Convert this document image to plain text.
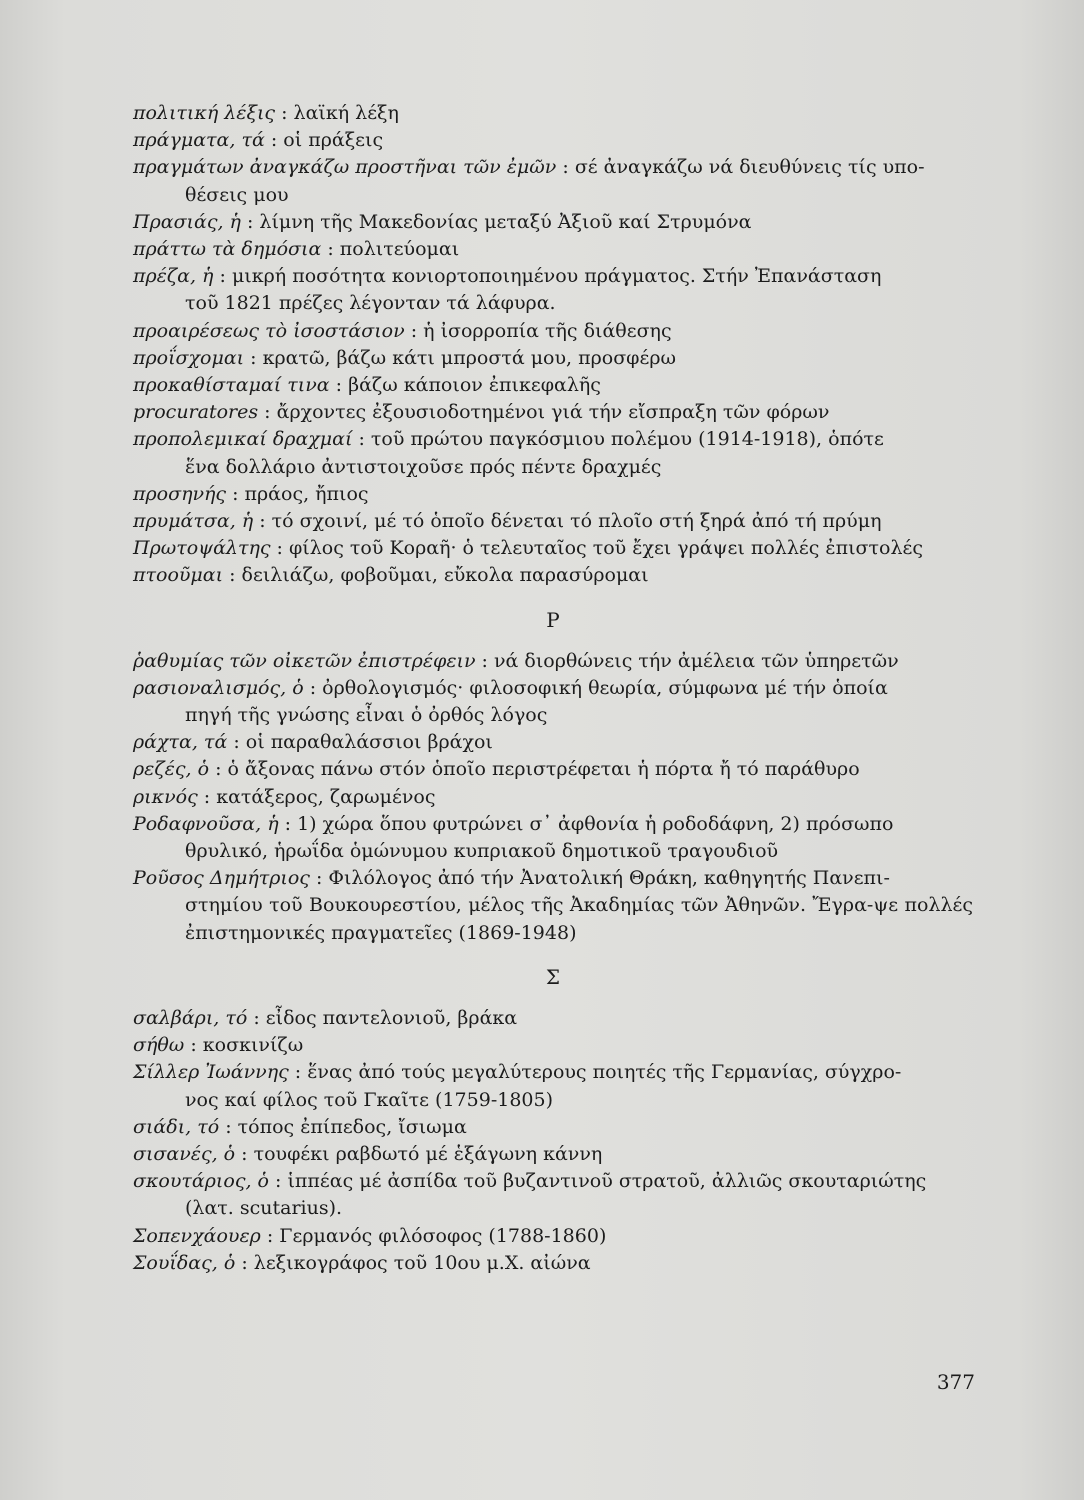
πολιτική λέξις : λαϊκή λέξη

πράγματα, τά : οἱ πράξεις

πραγμάτων ἀναγκάζω προστῆναι τῶν ἐμῶν : σέ ἀναγκάζω νά διευθύνεις τίς υπο-
θέσεις μου

Πρασιάς, ἡ : λίμνη τῆς Μακεδονίας μεταξύ Ἀξιοῦ καί Στρυμόνα

πράττω τὰ δημόσια : πολιτεύομαι

πρέζα, ἡ : μικρή ποσότητα κονιορτοποιημένου πράγματος. Στήν Ἐπανάσταση
τοῦ 1821 πρέζες λέγονταν τά λάφυρα.

προαιρέσεως τὸ ἰσοστάσιον : ἡ ἰσορροπία τῆς διάθεσης

προΐσχομαι : κρατῶ, βάζω κάτι μπροστά μου, προσφέρω

προκαθίσταμαί τινα : βάζω κάποιον ἐπικεφαλῆς

procuratores : ἄρχοντες ἐξουσιοδοτημένοι γιά τήν εἴσπραξη τῶν φόρων

προπολεμικαί δραχμαί : τοῦ πρώτου παγκόσμιου πολέμου (1914-1918), ὁπότε
ἕνα δολλάριο ἀντιστοιχοῦσε πρός πέντε δραχμές

προσηνής : πράος, ἤπιος

πρυμάτσα, ἡ : τό σχοινί, μέ τό ὁποῖο δένεται τό πλοῖο στή ξηρά ἀπό τή πρύμη

Πρωτοψάλτης : φίλος τοῦ Κοραῆ· ὁ τελευταῖος τοῦ ἔχει γράψει πολλές ἐπιστολές

πτοοῦμαι : δειλιάζω, φοβοῦμαι, εὔκολα παρασύρομαι

Ρ

ῥαθυμίας τῶν οἰκετῶν ἐπιστρέφειν : νά διορθώνεις τήν ἀμέλεια τῶν ὑπηρετῶν

ρασιοναλισμός, ὁ : ὀρθολογισμός· φιλοσοφική θεωρία, σύμφωνα μέ τήν ὁποία
πηγή τῆς γνώσης εἶναι ὁ ὀρθός λόγος

ράχτα, τά : οἱ παραθαλάσσιοι βράχοι

ρεζές, ὁ : ὁ ἄξονας πάνω στόν ὁποῖο περιστρέφεται ἡ πόρτα ἤ τό παράθυρο

ρικνός : κατάξερος, ζαρωμένος

Ροδαφνοῦσα, ἡ : 1) χώρα ὅπου φυτρώνει σ᾽ ἀφθονία ἡ ροδοδάφνη, 2) πρόσωπο
θρυλικό, ἡρωΐδα ὁμώνυμου κυπριακοῦ δημοτικοῦ τραγουδιοῦ

Ροῦσος Δημήτριος : Φιλόλογος ἀπό τήν Ἀνατολική Θράκη, καθηγητής Πανεπι-
στημίου τοῦ Βουκουρεστίου, μέλος τῆς Ἀκαδημίας τῶν Ἀθηνῶν. Ἔγρα-ψε πολλές ἐπιστημονικές πραγματεῖες (1869-1948)

Σ

σαλβάρι, τό : εἶδος παντελονιοῦ, βράκα

σήθω : κοσκινίζω

Σίλλερ Ἰωάννης : ἕνας ἀπό τούς μεγαλύτερους ποιητές τῆς Γερμανίας, σύγχρο-
νος καί φίλος τοῦ Γκαῖτε (1759-1805)

σιάδι, τό : τόπος ἐπίπεδος, ἴσιωμα

σισανές, ὁ : τουφέκι ραβδωτό μέ ἑξάγωνη κάννη

σκουτάριος, ὁ : ἱππέας μέ ἀσπίδα τοῦ βυζαντινοῦ στρατοῦ, ἀλλιῶς σκουταριώτης
(λατ. scutarius).

Σοπενχάουερ : Γερμανός φιλόσοφος (1788-1860)

Σουΐδας, ὁ : λεξικογράφος τοῦ 10ου μ.Χ. αἰώνα

377
